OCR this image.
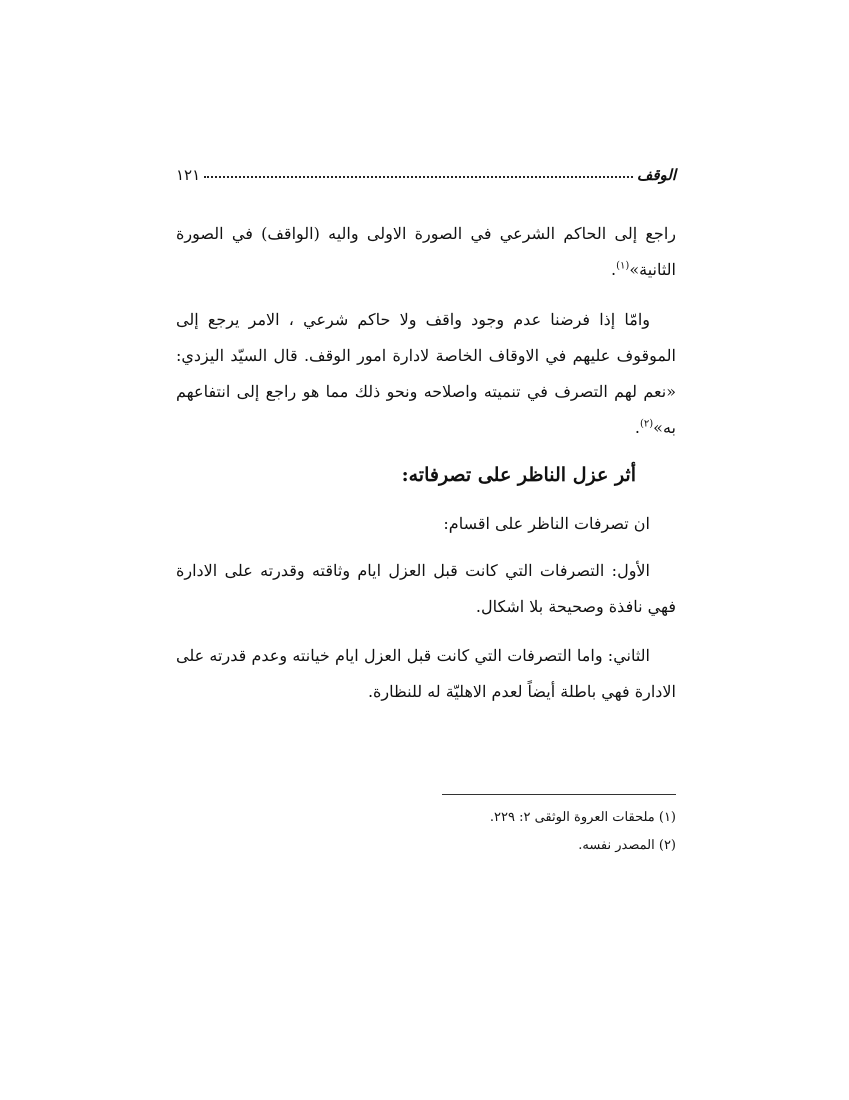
الوقف
١٢١
راجع إلى الحاكم الشرعي في الصورة الاولى واليه (الواقف) في الصورة الثانية»$^{(١)}$.
وامّا إذا فرضنا عدم وجود واقف ولا حاكم شرعي ، الامر يرجع إلى الموقوف عليهم في الاوقاف الخاصة لادارة امور الوقف. قال السيّد اليزدي: «نعم لهم التصرف في تنميته واصلاحه ونحو ذلك مما هو راجع إلى انتفاعهم به»$^{(٢)}$.
أثر عزل الناظر على تصرفاته:
ان تصرفات الناظر على اقسام:
الأول: التصرفات التي كانت قبل العزل ايام وثاقته وقدرته على الادارة فهي نافذة وصحيحة بلا اشكال.
الثاني: واما التصرفات التي كانت قبل العزل ايام خيانته وعدم قدرته على الادارة فهي باطلة أيضاً لعدم الاهليّة له للنظارة.
(١) ملحقات العروة الوثقى ٢: ٢٢٩.
(٢) المصدر نفسه.
